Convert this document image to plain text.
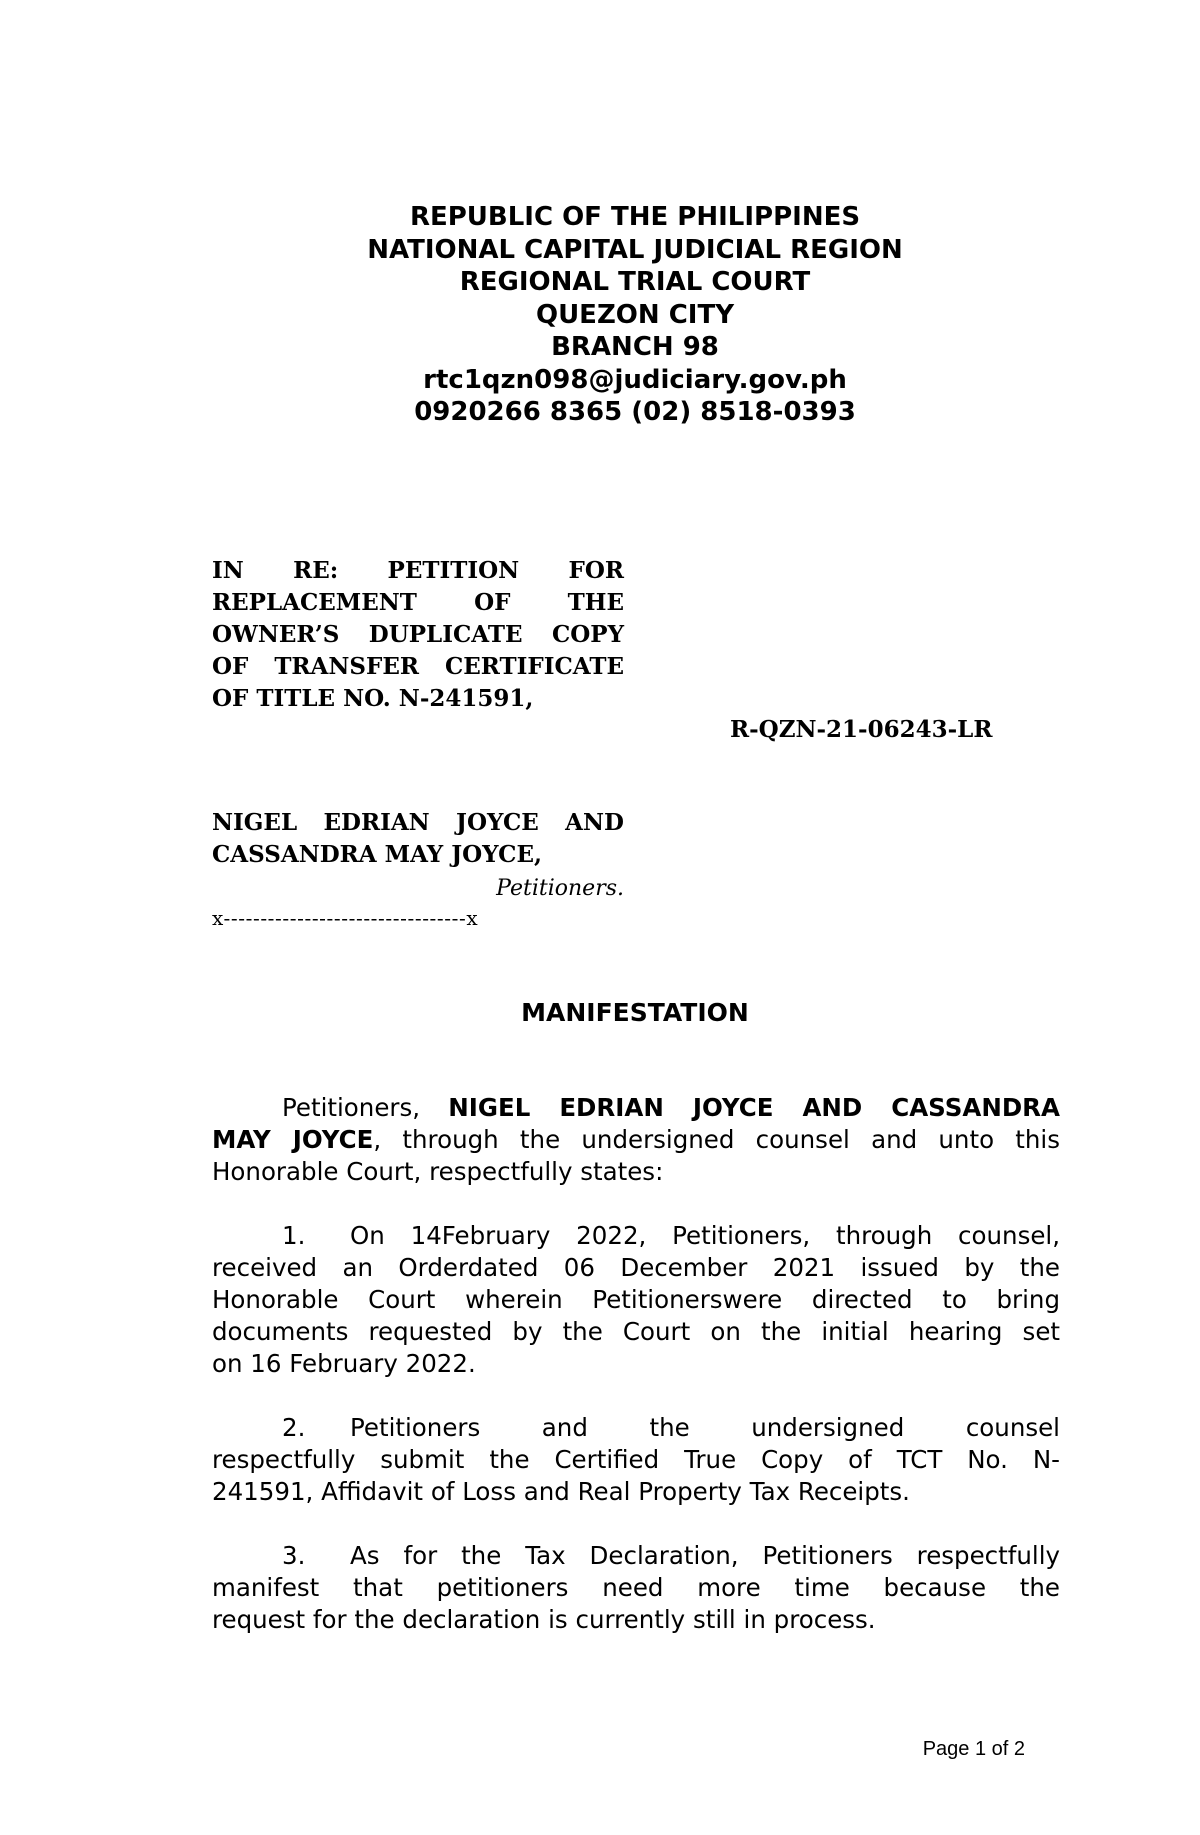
REPUBLIC OF THE PHILIPPINES
NATIONAL CAPITAL JUDICIAL REGION
REGIONAL TRIAL COURT
QUEZON CITY
BRANCH 98
rtc1qzn098@judiciary.gov.ph
0920266 8365 (02) 8518-0393
IN RE: PETITION FOR
REPLACEMENT OF THE
OWNER’S DUPLICATE COPY
OF TRANSFER CERTIFICATE
OF TITLE NO. N-241591,
R-QZN-21-06243-LR
NIGEL EDRIAN JOYCE AND
CASSANDRA MAY JOYCE,
Petitioners.
x---------------------------------x
MANIFESTATION
Petitioners, NIGEL EDRIAN JOYCE AND CASSANDRA
MAY JOYCE, through the undersigned counsel and unto this
Honorable Court, respectfully states:
1. On 14February 2022, Petitioners, through counsel,
received an Orderdated 06 December 2021 issued by the
Honorable Court wherein Petitionerswere directed to bring
documents requested by the Court on the initial hearing set
on 16 February 2022.
2. Petitioners and the undersigned counsel
respectfully submit the Certified True Copy of TCT No. N-
241591, Affidavit of Loss and Real Property Tax Receipts.
3. As for the Tax Declaration, Petitioners respectfully
manifest that petitioners need more time because the
request for the declaration is currently still in process.
Page 1 of 2
